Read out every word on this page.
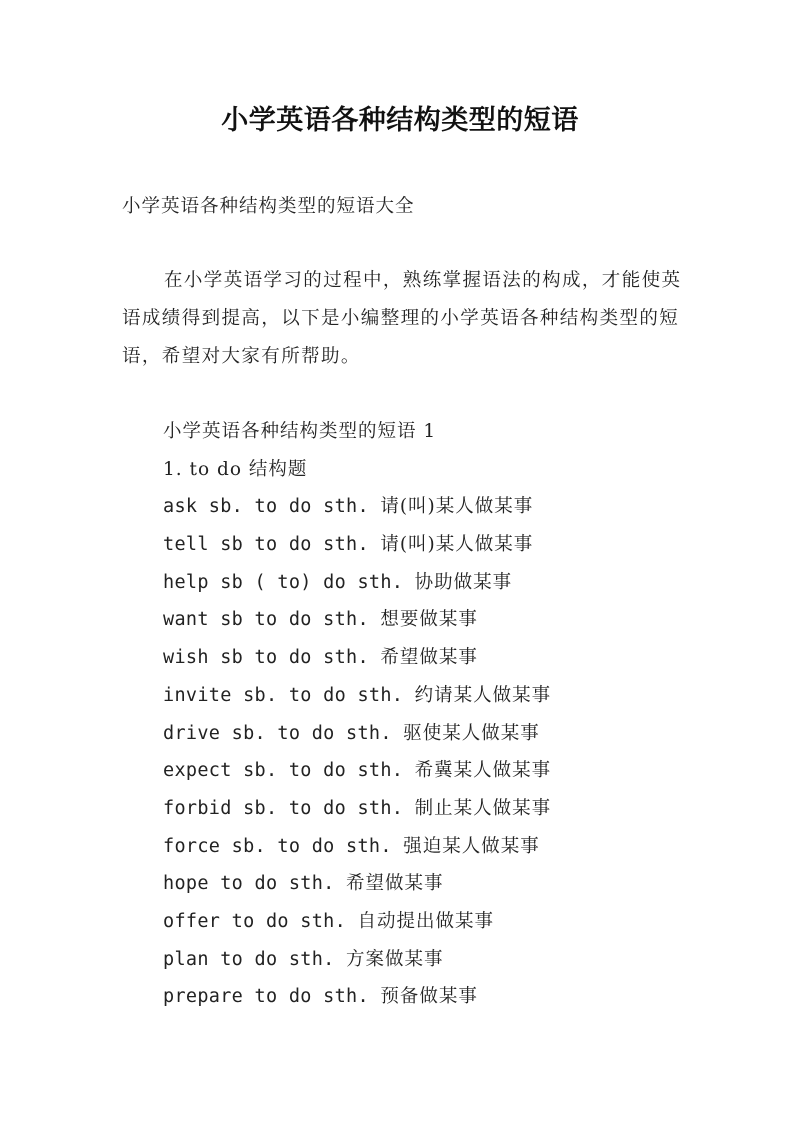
小学英语各种结构类型的短语
小学英语各种结构类型的短语大全

在小学英语学习的过程中，熟练掌握语法的构成，才能使英语成绩得到提高，以下是小编整理的小学英语各种结构类型的短语，希望对大家有所帮助。

小学英语各种结构类型的短语 1
1. to do 结构题
ask sb. to do sth. 请(叫)某人做某事
tell sb to do sth. 请(叫)某人做某事
help sb ( to) do sth. 协助做某事
want sb to do sth. 想要做某事
wish sb to do sth. 希望做某事
invite sb. to do sth. 约请某人做某事
drive sb. to do sth. 驱使某人做某事
expect sb. to do sth. 希冀某人做某事
forbid sb. to do sth. 制止某人做某事
force sb. to do sth. 强迫某人做某事
hope to do sth. 希望做某事
offer to do sth. 自动提出做某事
plan to do sth. 方案做某事
prepare to do sth. 预备做某事
